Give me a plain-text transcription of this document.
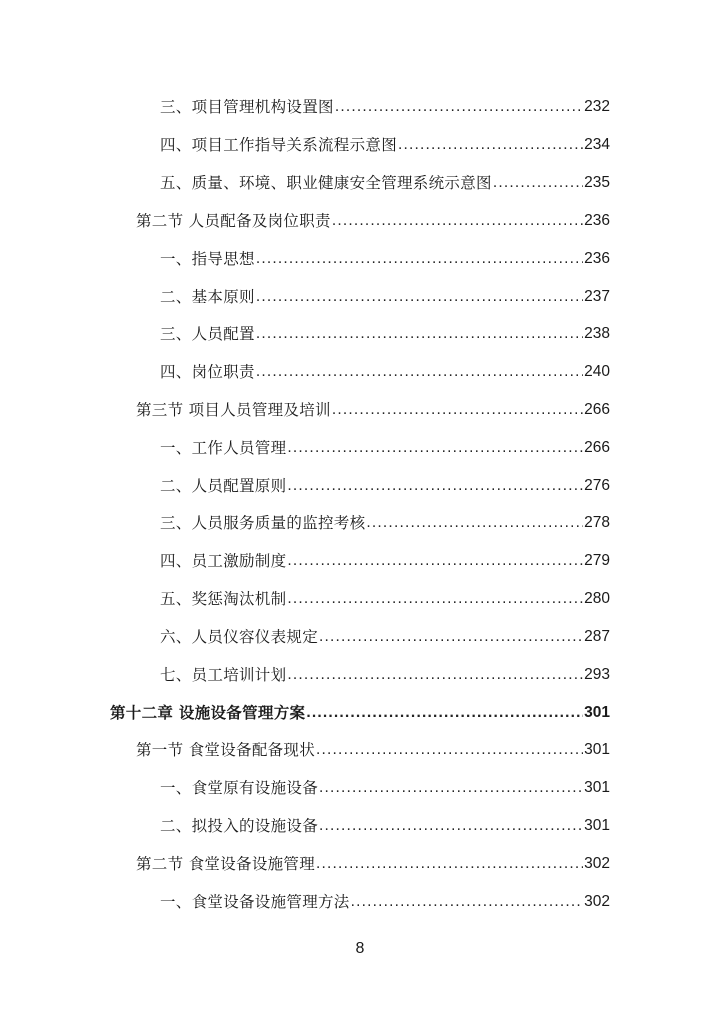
三、项目管理机构设置图 .....	232
四、项目工作指导关系流程示意图 .....	234
五、质量、环境、职业健康安全管理系统示意图 .....	235
第二节 人员配备及岗位职责 .....	236
一、指导思想 .....	236
二、基本原则 .....	237
三、人员配置 .....	238
四、岗位职责 .....	240
第三节 项目人员管理及培训 .....	266
一、工作人员管理 .....	266
二、人员配置原则 .....	276
三、人员服务质量的监控考核 .....	278
四、员工激励制度 .....	279
五、奖惩淘汰机制 .....	280
六、人员仪容仪表规定 .....	287
七、员工培训计划 .....	293
第十二章 设施设备管理方案 .....	301
第一节 食堂设备配备现状 .....	301
一、食堂原有设施设备 .....	301
二、拟投入的设施设备 .....	301
第二节 食堂设备设施管理 .....	302
一、食堂设备设施管理方法 .....	302
8
